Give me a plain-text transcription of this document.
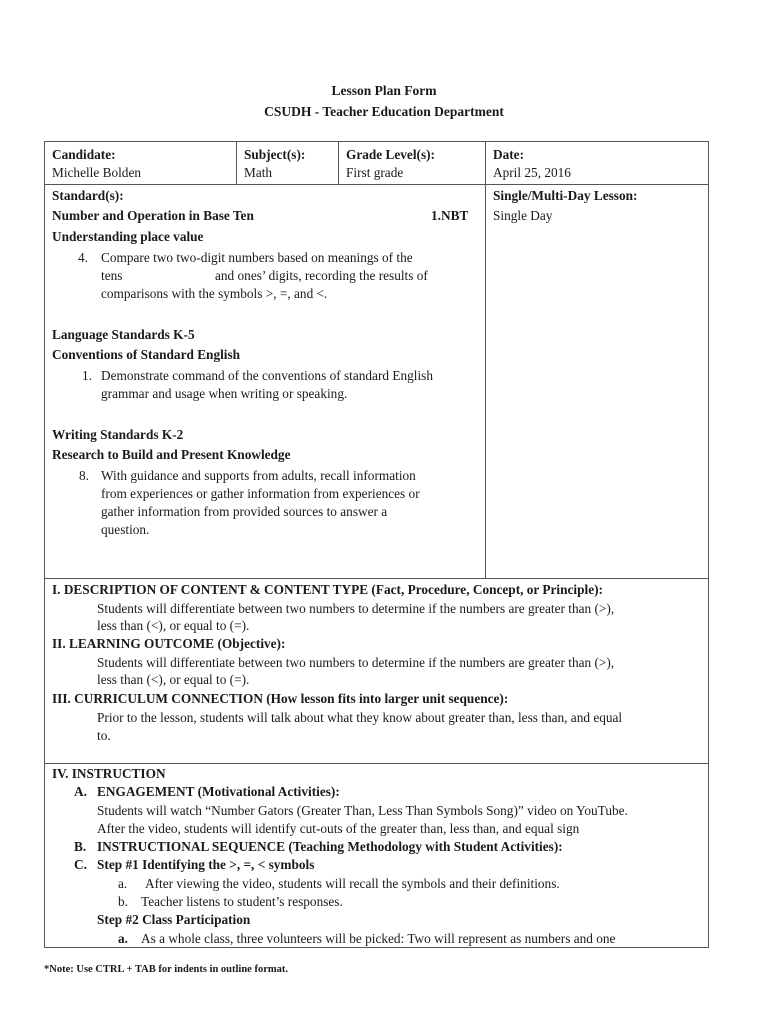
Lesson Plan Form
CSUDH - Teacher Education Department
Candidate:
Michelle Bolden
Subject(s):
Math
Grade Level(s):
First grade
Date:
April 25, 2016
Standard(s):
Number and Operation in Base Ten	1.NBT
Understanding place value
4. Compare two two-digit numbers based on meanings of the
tens	and ones’ digits, recording the results of
comparisons with the symbols >, =, and <.
Language Standards K-5
Conventions of Standard English
1. Demonstrate command of the conventions of standard English
grammar and usage when writing or speaking.
Writing Standards K-2
Research to Build and Present Knowledge
8. With guidance and supports from adults, recall information
from experiences or gather information from experiences or
gather information from provided sources to answer a
question.
Single/Multi-Day Lesson:
Single Day
I. DESCRIPTION OF CONTENT & CONTENT TYPE (Fact, Procedure, Concept, or Principle):
Students will differentiate between two numbers to determine if the numbers are greater than (>),
less than (<), or equal to (=).
II. LEARNING OUTCOME (Objective):
Students will differentiate between two numbers to determine if the numbers are greater than (>),
less than (<), or equal to (=).
III. CURRICULUM CONNECTION (How lesson fits into larger unit sequence):
Prior to the lesson, students will talk about what they know about greater than, less than, and equal
to.
IV. INSTRUCTION
A. ENGAGEMENT (Motivational Activities):
Students will watch “Number Gators (Greater Than, Less Than Symbols Song)” video on YouTube.
After the video, students will identify cut-outs of the greater than, less than, and equal sign
B. INSTRUCTIONAL SEQUENCE (Teaching Methodology with Student Activities):
C. Step #1 Identifying the >, =, < symbols
a. After viewing the video, students will recall the symbols and their definitions.
b. Teacher listens to student’s responses.
Step #2 Class Participation
a. As a whole class, three volunteers will be picked: Two will represent as numbers and one
*Note: Use CTRL + TAB for indents in outline format.
